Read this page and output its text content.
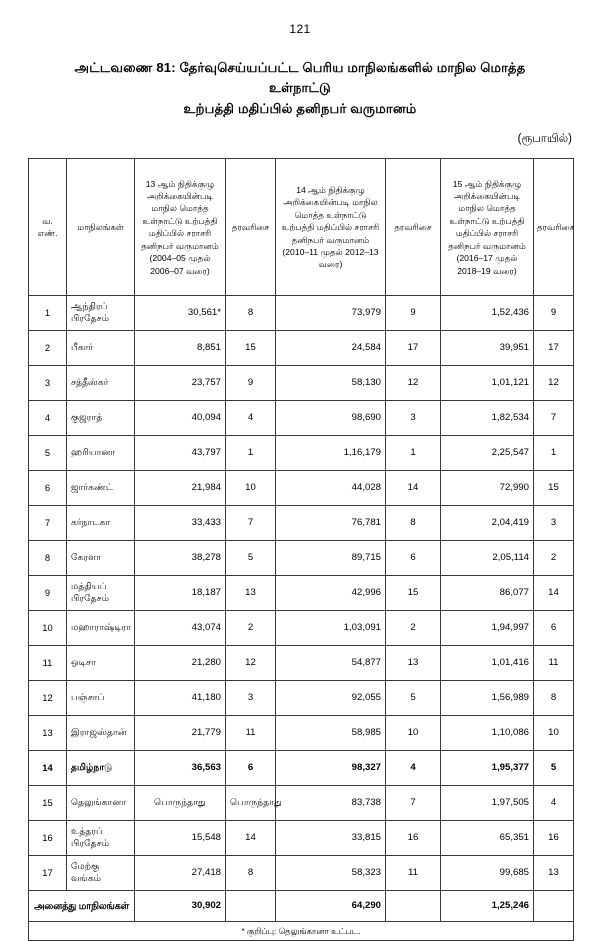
121
அட்டவணை 81: தேர்வுசெய்யப்பட்ட பெரிய மாநிலங்களில் மாநில மொத்த உள்நாட்டு
உற்பத்தி மதிப்பில் தனிநபர் வருமானம்
(ரூபாயில்)
வ. எண்.	மாநிலங்கள்	13 ஆம் நிதிக்குழு அறிக்கையின்படி மாநில மொத்த உள்நாட்டு உற்பத்தி மதிப்பில் சராசரி தனிநபர் வருமானம் (2004–05 முதல் 2006–07 வரை)	தரவரிசை	14 ஆம் நிதிக்குழு அறிக்கையின்படி மாநில மொத்த உள்நாட்டு உற்பத்தி மதிப்பில் சராசரி தனிநபர் வருமானம் (2010–11 முதல் 2012–13 வரை)	தரவரிசை	15 ஆம் நிதிக்குழு அறிக்கையின்படி மாநில மொத்த உள்நாட்டு உற்பத்தி மதிப்பில் சராசரி தனிநபர் வருமானம் (2016–17 முதல் 2018–19 வரை)	தரவரிசை
1	ஆந்திரப் பிரதேசம்	30,561*	8	73,979	9	1,52,436	9
2	பீகார்	8,851	15	24,584	17	39,951	17
3	சத்தீஸ்கர்	23,757	9	58,130	12	1,01,121	12
4	குஜராத்	40,094	4	98,690	3	1,82,534	7
5	ஹரியானா	43,797	1	1,16,179	1	2,25,547	1
6	ஜார்கண்ட்	21,984	10	44,028	14	72,990	15
7	கர்நாடகா	33,433	7	76,781	8	2,04,419	3
8	கேரளா	38,278	5	89,715	6	2,05,114	2
9	மத்தியப் பிரதேசம்	18,187	13	42,996	15	86,077	14
10	மஹாராஷ்டிரா	43,074	2	1,03,091	2	1,94,997	6
11	ஒடிசா	21,280	12	54,877	13	1,01,416	11
12	பஞ்சாப்	41,180	3	92,055	5	1,56,989	8
13	இராஜஸ்தான்	21,779	11	58,985	10	1,10,086	10
14	தமிழ்நாடு	36,563	6	98,327	4	1,95,377	5
15	தெலுங்கானா	பொருந்தாது	பொருந்தாது	83,738	7	1,97,505	4
16	உத்தரப் பிரதேசம்	15,548	14	33,815	16	65,351	16
17	மேற்கு வங்கம்	27,418	8	58,323	11	99,685	13
அனைத்து மாநிலங்கள்		30,902		64,290		1,25,246	
* குறிப்பு: தெலுங்கானா உட்பட.							
